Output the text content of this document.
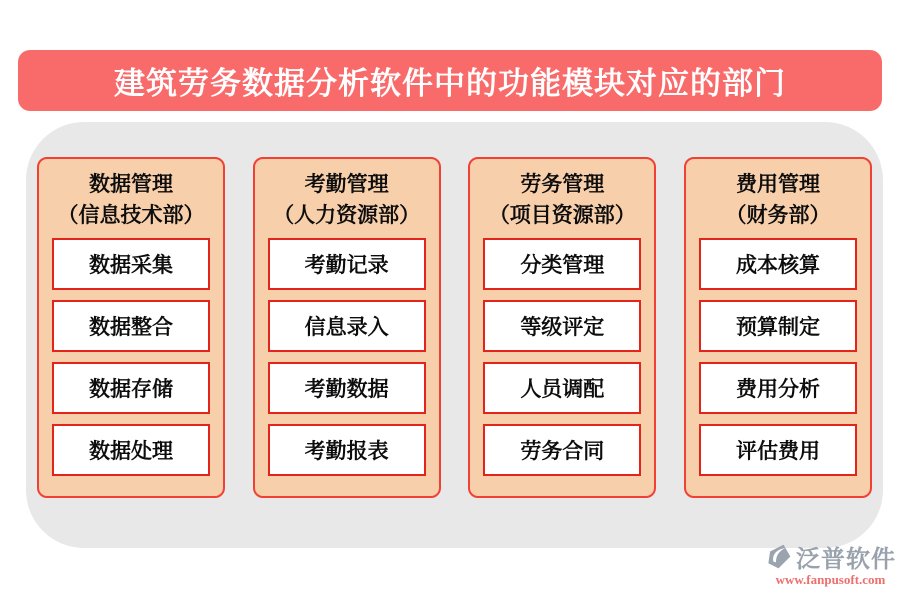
建筑劳务数据分析软件中的功能模块对应的部门
数据管理
（信息技术部）
数据采集
数据整合
数据存储
数据处理
考勤管理
（人力资源部）
考勤记录
信息录入
考勤数据
考勤报表
劳务管理
（项目资源部）
分类管理
等级评定
人员调配
劳务合同
费用管理
（财务部）
成本核算
预算制定
费用分析
评估费用
泛普软件
www.fanpusoft.com
